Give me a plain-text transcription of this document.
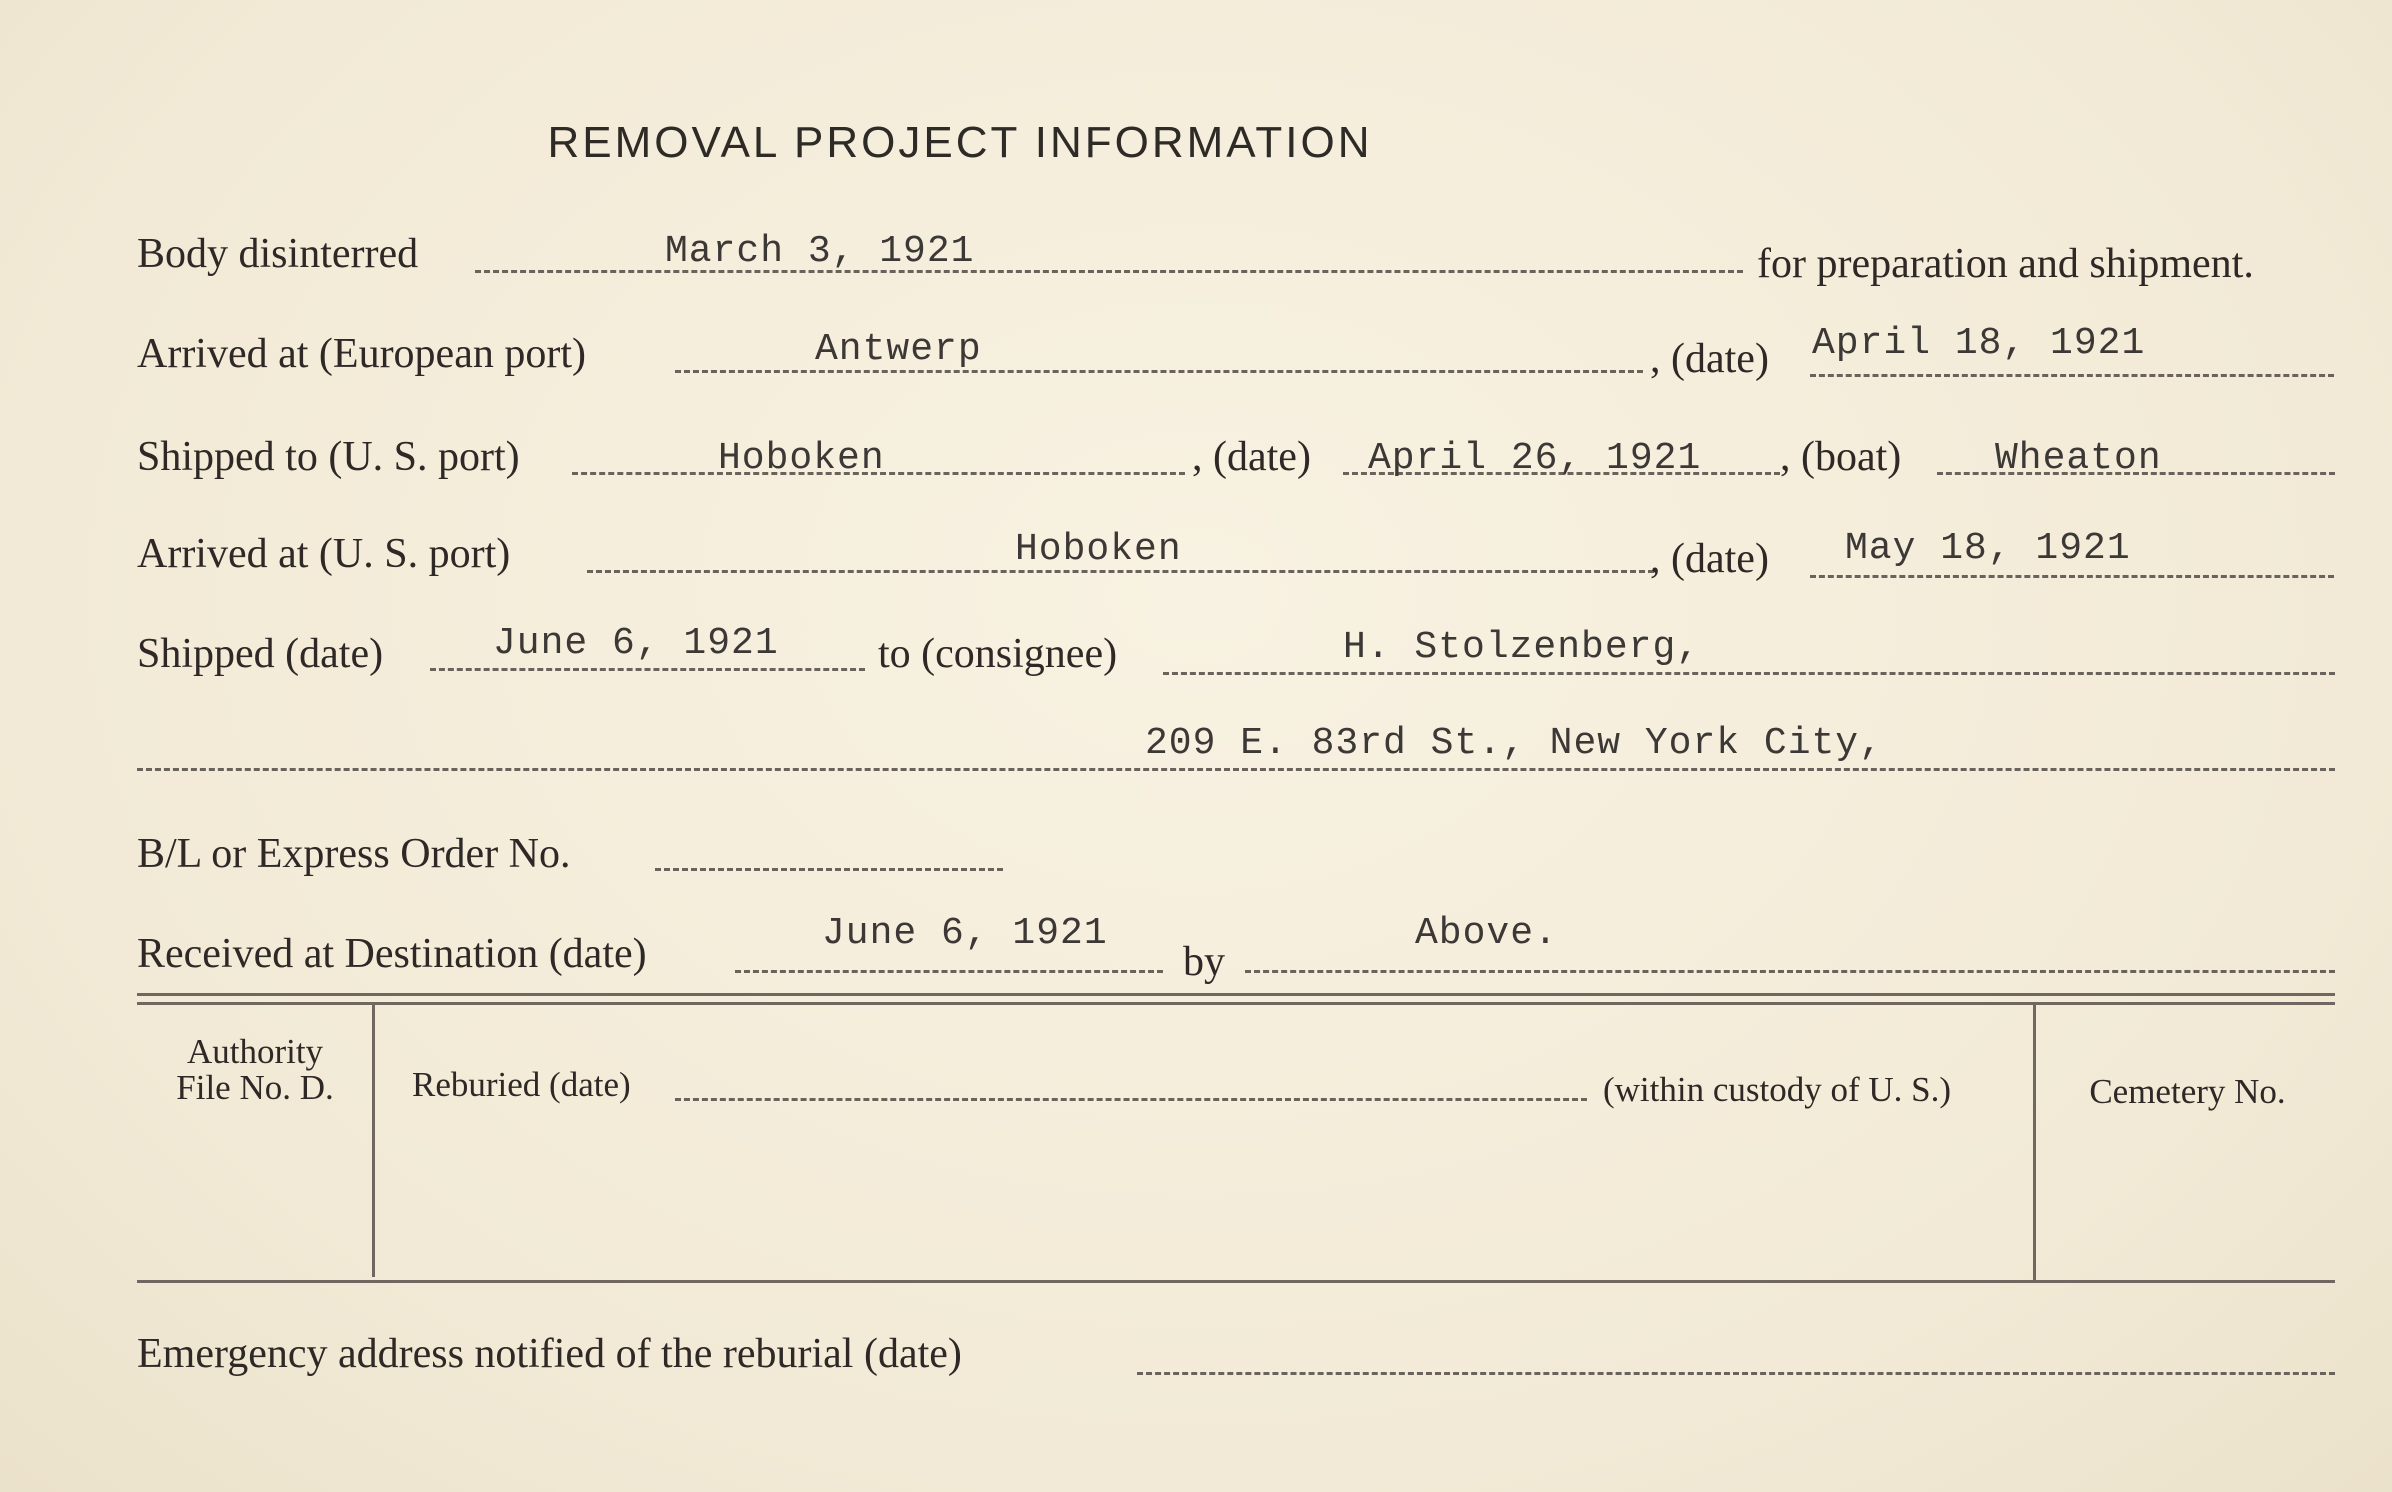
REMOVAL PROJECT INFORMATION
Body disinterred	March 3, 1921	for preparation and shipment.
Arrived at (European port)	Antwerp	, (date) April 18, 1921
Shipped to (U. S. port)	Hoboken	, (date) April 26, 1921 , (boat) Wheaton
Arrived at (U. S. port)	Hoboken	, (date) May 18, 1921
Shipped (date)	June 6, 1921 to (consignee)	H. Stolzenberg,
209 E. 83rd St., New York City,
B/L or Express Order No.
Received at Destination (date)	June 6, 1921
by
Above.
Authority
File No. D.	Reburied (date)	(within custody of U. S.)	Cemetery No.
Emergency address notified of the reburial (date)
